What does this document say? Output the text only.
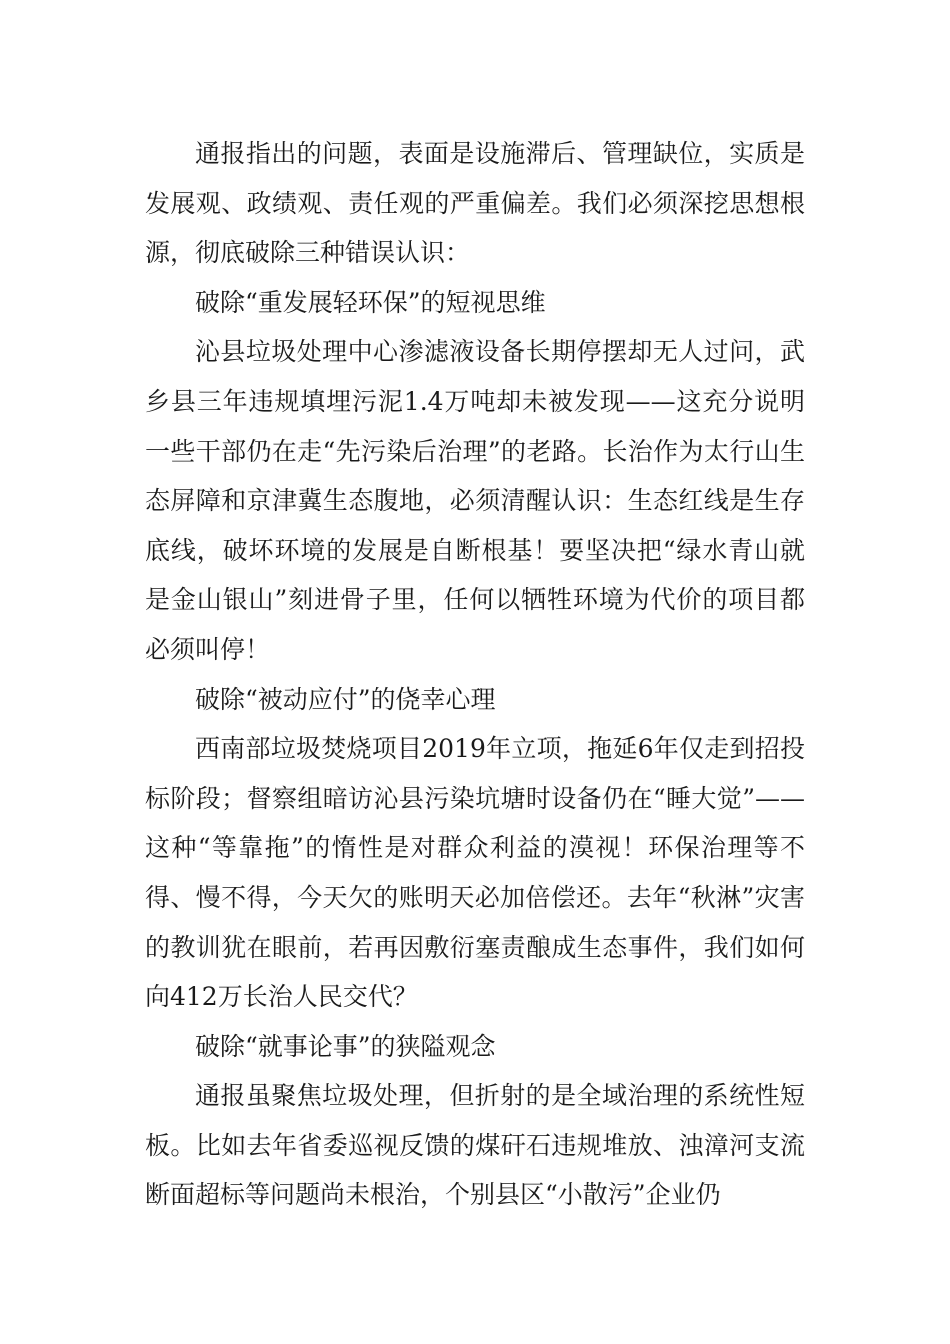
通报指出的问题，表面是设施滞后、管理缺位，实质是发展观、政绩观、责任观的严重偏差。我们必须深挖思想根源，彻底破除三种错误认识：

破除“重发展轻环保”的短视思维

沁县垃圾处理中心渗滤液设备长期停摆却无人过问，武乡县三年违规填埋污泥1.4万吨却未被发现——这充分说明一些干部仍在走“先污染后治理”的老路。长治作为太行山生态屏障和京津冀生态腹地，必须清醒认识：生态红线是生存底线，破坏环境的发展是自断根基！要坚决把“绿水青山就是金山银山”刻进骨子里，任何以牺牲环境为代价的项目都必须叫停！

破除“被动应付”的侥幸心理

西南部垃圾焚烧项目2019年立项，拖延6年仅走到招投标阶段；督察组暗访沁县污染坑塘时设备仍在“睡大觉”——这种“等靠拖”的惰性是对群众利益的漠视！环保治理等不得、慢不得，今天欠的账明天必加倍偿还。去年“秋淋”灾害的教训犹在眼前，若再因敷衍塞责酿成生态事件，我们如何向412万长治人民交代？

破除“就事论事”的狭隘观念

通报虽聚焦垃圾处理，但折射的是全域治理的系统性短板。比如去年省委巡视反馈的煤矸石违规堆放、浊漳河支流断面超标等问题尚未根治，个别县区“小散污”企业仍
